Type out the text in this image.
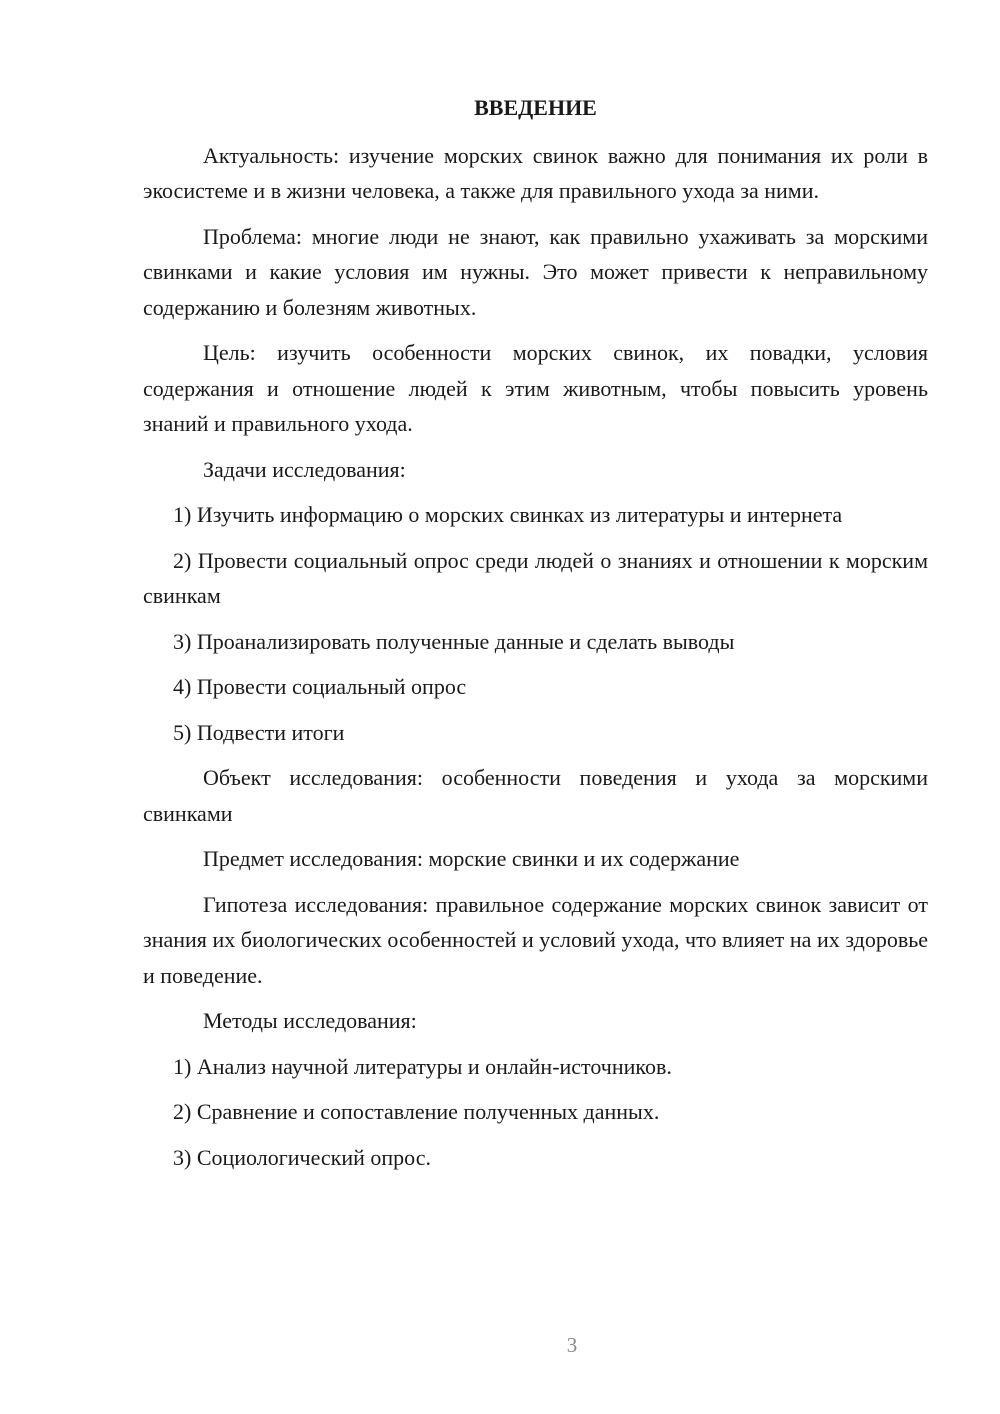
ВВЕДЕНИЕ

Актуальность: изучение морских свинок важно для понимания их роли в экосистеме и в жизни человека, а также для правильного ухода за ними.

Проблема: многие люди не знают, как правильно ухаживать за морскими свинками и какие условия им нужны. Это может привести к неправильному содержанию и болезням животных.

Цель: изучить особенности морских свинок, их повадки, условия содержания и отношение людей к этим животным, чтобы повысить уровень знаний и правильного ухода.

Задачи исследования:

1) Изучить информацию о морских свинках из литературы и интернета

2) Провести социальный опрос среди людей о знаниях и отношении к морским свинкам

3) Проанализировать полученные данные и сделать выводы

4) Провести социальный опрос

5) Подвести итоги

Объект исследования: особенности поведения и ухода за морскими свинками

Предмет исследования: морские свинки и их содержание

Гипотеза исследования: правильное содержание морских свинок зависит от знания их биологических особенностей и условий ухода, что влияет на их здоровье и поведение.

Методы исследования:

1) Анализ научной литературы и онлайн-источников.

2) Сравнение и сопоставление полученных данных.

3) Социологический опрос.

3
